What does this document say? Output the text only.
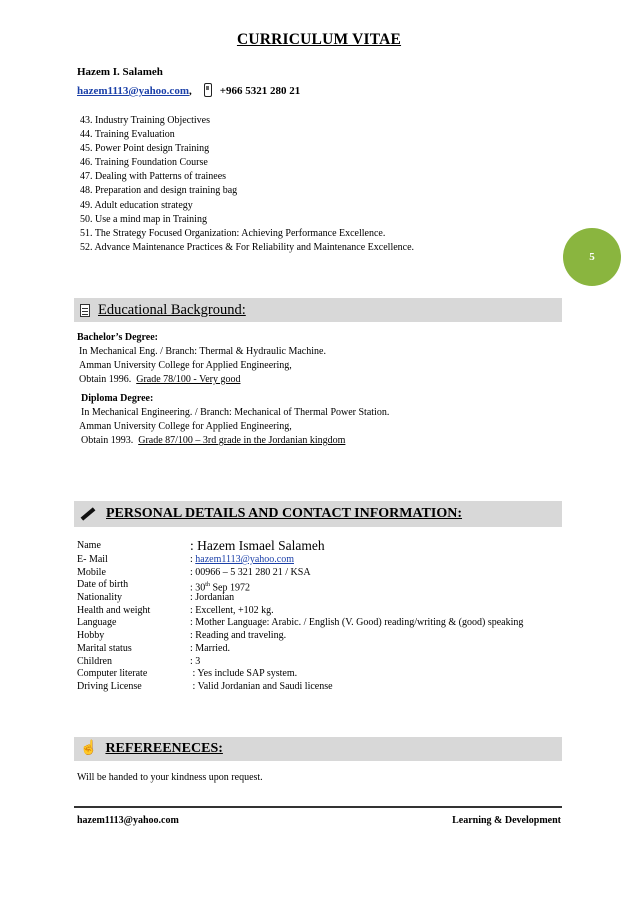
CURRICULUM VITAE
Hazem I. Salameh
hazem1113@yahoo.com ,	+966 5321 280 21
43. Industry Training Objectives
44. Training Evaluation
45. Power Point design Training
46. Training Foundation Course
47. Dealing with Patterns of trainees
48. Preparation and design training bag
49. Adult education strategy
50. Use a mind map in Training
51. The Strategy Focused Organization: Achieving Performance Excellence.
52. Advance Maintenance Practices & For Reliability and Maintenance Excellence.
5
Educational Background:
Bachelor’s Degree:
In Mechanical Eng. / Branch: Thermal & Hydraulic Machine.
Amman University College for Applied Engineering,
Obtain 1996.  Grade 78/100 - Very good
Diploma Degree:
In Mechanical Engineering. / Branch: Mechanical of Thermal Power Station.
Amman University College for Applied Engineering,
Obtain 1993.  Grade 87/100 – 3rd grade in the Jordanian kingdom
PERSONAL DETAILS AND CONTACT INFORMATION:
Name	: Hazem Ismael Salameh
E- Mail	: hazem1113@yahoo.com
Mobile	: 00966 – 5 321 280 21 / KSA
Date of birth	: 30th Sep 1972
Nationality	: Jordanian
Health and weight	: Excellent, +102 kg.
Language	: Mother Language: Arabic. / English (V. Good) reading/writing & (good) speaking
Hobby	: Reading and traveling.
Marital status	: Married.
Children	: 3
Computer literate	: Yes include SAP system.
Driving License	: Valid Jordanian and Saudi license
☝ REFEREENECES:
Will be handed to your kindness upon request.
hazem1113@yahoo.com	Learning & Development
